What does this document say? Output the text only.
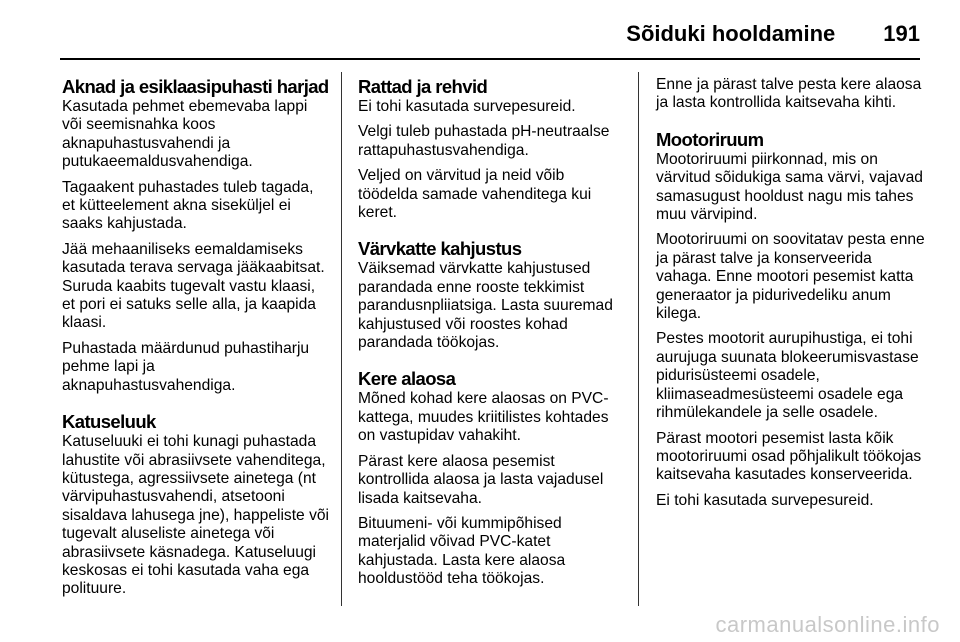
Sõiduki hooldamine 191
Aknad ja esiklaasipuhasti harjad

Kasutada pehmet ebemevaba lappi või seemisnahka koos aknapuhastusvahendi ja putukaeemaldusvahendiga.

Tagaakent puhastades tuleb tagada, et kütteelement akna siseküljel ei saaks kahjustada.

Jää mehaaniliseks eemaldamiseks kasutada terava servaga jääkaabitsat. Suruda kaabits tugevalt vastu klaasi, et pori ei satuks selle alla, ja kaapida klaasi.

Puhastada määrdunud puhastiharju pehme lapi ja aknapuhastusvahendiga.

Katuseluuk

Katuseluuki ei tohi kunagi puhastada lahustite või abrasiivsete vahenditega, kütustega, agressiivsete ainetega (nt värvipuhastusvahendi, atsetooni sisaldava lahusega jne), happeliste või tugevalt aluseliste ainetega või abrasiivsete käsnadega. Katuseluugi keskosas ei tohi kasutada vaha ega polituure.

Rattad ja rehvid

Ei tohi kasutada survepesureid.

Velgi tuleb puhastada pH-neutraalse rattapuhastusvahendiga.

Veljed on värvitud ja neid võib töödelda samade vahenditega kui keret.

Värvkatte kahjustus

Väiksemad värvkatte kahjustused parandada enne rooste tekkimist parandusnpliiatsiga. Lasta suuremad kahjustused või roostes kohad parandada töökojas.

Kere alaosa

Mõned kohad kere alaosas on PVC-kattega, muudes kriitilistes kohtades on vastupidav vahakiht.

Pärast kere alaosa pesemist kontrollida alaosa ja lasta vajadusel lisada kaitsevaha.

Bituumeni- või kummipõhised materjalid võivad PVC-katet kahjustada. Lasta kere alaosa hooldustööd teha töökojas.

Enne ja pärast talve pesta kere alaosa ja lasta kontrollida kaitsevaha kihti.

Mootoriruum

Mootoriruumi piirkonnad, mis on värvitud sõidukiga sama värvi, vajavad samasugust hooldust nagu mis tahes muu värvipind.

Mootoriruumi on soovitatav pesta enne ja pärast talve ja konserveerida vahaga. Enne mootori pesemist katta generaator ja pidurivedeliku anum kilega.

Pestes mootorit aurupihustiga, ei tohi aurujuga suunata blokeerumisvastase pidurisüsteemi osadele, kliimaseadmesüsteemi osadele ega rihmülekandele ja selle osadele.

Pärast mootori pesemist lasta kõik mootoriruumi osad põhjalikult töökojas kaitsevaha kasutades konserveerida.

Ei tohi kasutada survepesureid.

carmanualsonline.info
